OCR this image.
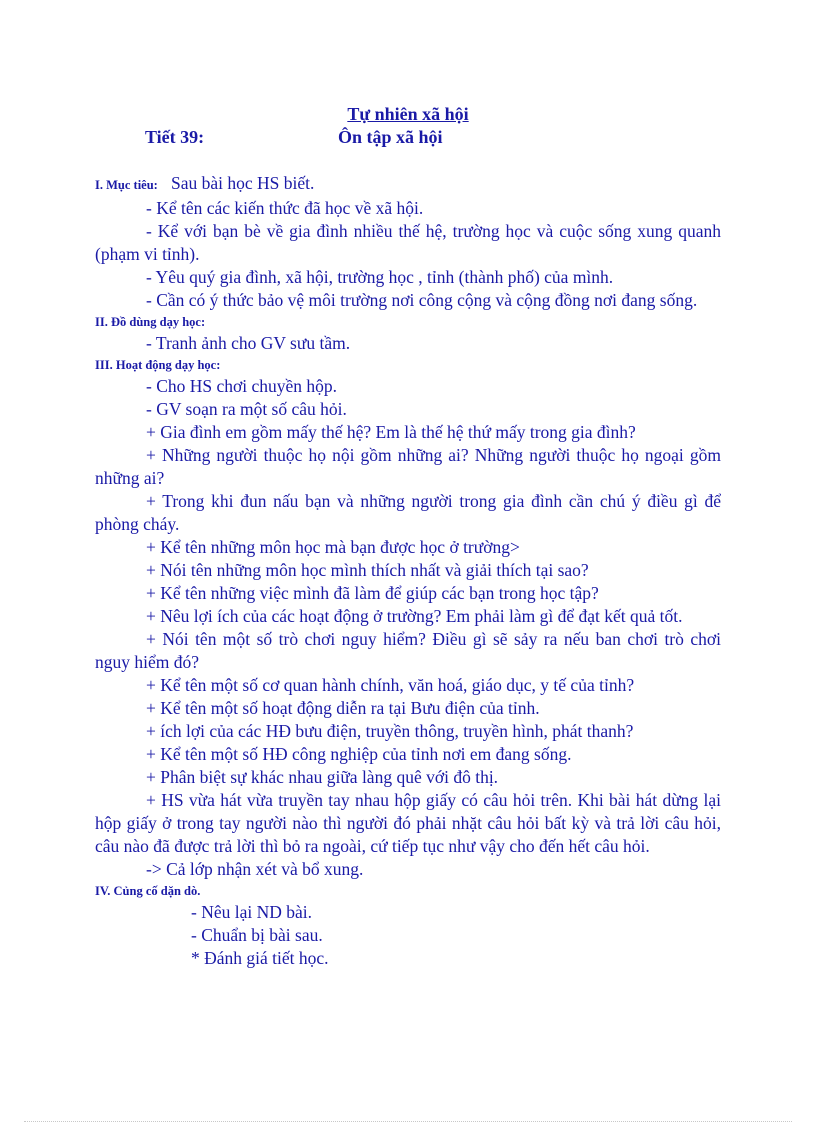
Tự nhiên xã hội
Tiết 39:	Ôn tập xã hội
I. Mục tiêu: Sau bài học HS biết.

- Kể tên các kiến thức đã học về xã hội.

- Kể với bạn bè về gia đình nhiều thế hệ, trường học và cuộc sống xung quanh (phạm vi tỉnh).

- Yêu quý gia đình, xã hội, trường học , tỉnh (thành phố) của mình.

- Cần có ý thức bảo vệ môi trường nơi công cộng và cộng đồng nơi đang sống.

II. Đồ dùng dạy học:

- Tranh ảnh cho GV sưu tầm.

III. Hoạt động dạy học:

- Cho HS chơi chuyền hộp.

- GV soạn ra một số câu hỏi.

+ Gia đình em gồm mấy thế hệ? Em là thế hệ thứ mấy trong gia đình?

+ Những người thuộc họ nội gồm những ai? Những người thuộc họ ngoại gồm những ai?

+ Trong khi đun nấu bạn và những người trong gia đình cần chú ý điều gì để phòng cháy.

+ Kể tên những môn học mà bạn được học ở trường>

+ Nói tên những môn học mình thích nhất và giải thích tại sao?

+ Kể tên những việc mình đã làm để giúp các bạn trong học tập?

+ Nêu lợi ích của các hoạt động ở trường? Em phải làm gì để đạt kết quả tốt.

+ Nói tên một số trò chơi nguy hiểm? Điều gì sẽ sảy ra nếu ban chơi trò chơi nguy hiểm đó?

+ Kể tên một số cơ quan hành chính, văn hoá, giáo dục, y tế của tỉnh?

+ Kể tên một số hoạt động diễn ra tại Bưu điện của tỉnh.

+ ích lợi của các HĐ bưu điện, truyền thông, truyền hình, phát thanh?

+ Kể tên một số HĐ công nghiệp của tỉnh nơi em đang sống.

+ Phân biệt sự khác nhau giữa làng quê với đô thị.

+ HS vừa hát vừa truyền tay nhau hộp giấy có câu hỏi trên. Khi bài hát dừng lại hộp giấy ở trong tay người nào thì người đó phải nhặt câu hỏi bất kỳ và trả lời câu hỏi, câu nào đã được trả lời thì bỏ ra ngoài, cứ tiếp tục như vậy cho đến hết câu hỏi.

-> Cả lớp nhận xét và bổ xung.

IV. Củng cố dặn dò.

- Nêu lại ND bài.

- Chuẩn bị bài sau.

* Đánh giá tiết học.
